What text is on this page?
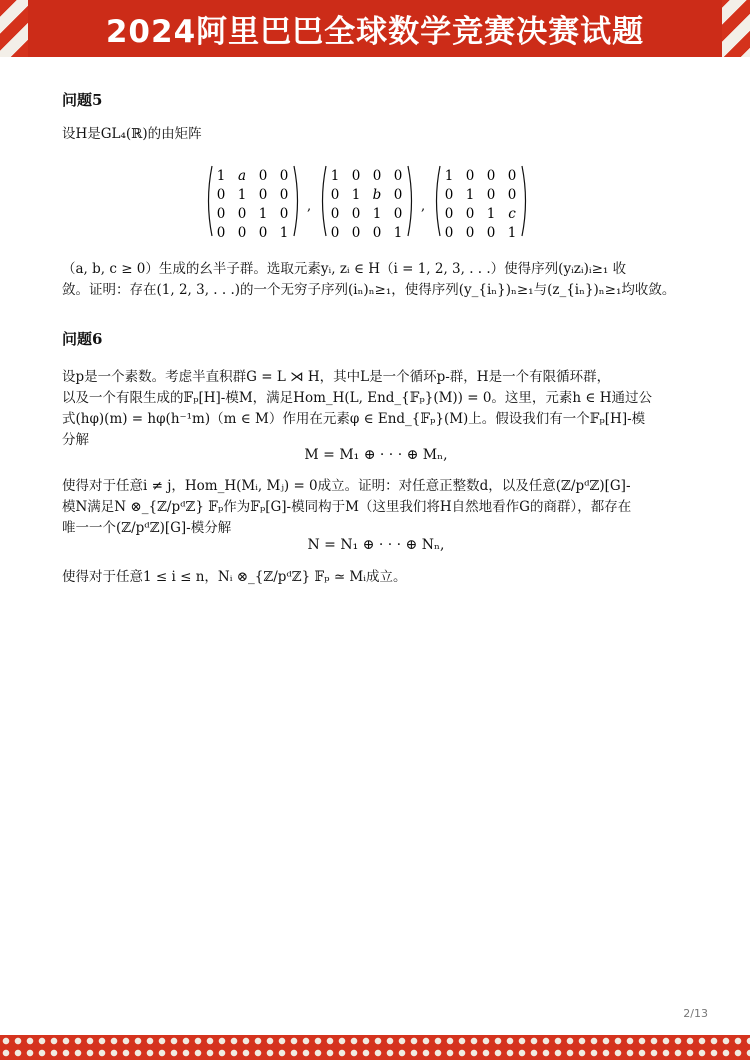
2024阿里巴巴全球数学竞赛决赛试题
问题5
设H是GL₄(ℝ)的由矩阵
1 a 0 0
0 1 0 0
0 0 1 0
0 0 0 1
,
1 0 0 0
0 1 b 0
0 0 1 0
0 0 0 1
,
1 0 0 0
0 1 0 0
0 0 1 c
0 0 0 1
（a, b, c ≥ 0）生成的幺半子群。选取元素yᵢ, zᵢ ∈ H（i = 1, 2, 3, . . .）使得序列(yᵢzᵢ)ᵢ≥₁ 收
敛。证明：存在(1, 2, 3, . . .)的一个无穷子序列(iₙ)ₙ≥₁，使得序列(y_{iₙ})ₙ≥₁与(z_{iₙ})ₙ≥₁均收敛。
问题6
设p是一个素数。考虑半直积群G = L ⋊ H，其中L是一个循环p-群，H是一个有限循环群，
以及一个有限生成的𝔽ₚ[H]-模M，满足Hom_H(L, End_{𝔽ₚ}(M)) = 0。这里，元素h ∈ H通过公
式(hφ)(m) = hφ(h⁻¹m)（m ∈ M）作用在元素φ ∈ End_{𝔽ₚ}(M)上。假设我们有一个𝔽ₚ[H]-模
分解
M = M₁ ⊕ · · · ⊕ Mₙ,
使得对于任意i ≠ j，Hom_H(Mᵢ, Mⱼ) = 0成立。证明：对任意正整数d，以及任意(ℤ/pᵈℤ)[G]-
模N满足N ⊗_{ℤ/pᵈℤ} 𝔽ₚ作为𝔽ₚ[G]-模同构于M（这里我们将H自然地看作G的商群），都存在
唯一一个(ℤ/pᵈℤ)[G]-模分解
N = N₁ ⊕ · · · ⊕ Nₙ,
使得对于任意1 ≤ i ≤ n，Nᵢ ⊗_{ℤ/pᵈℤ} 𝔽ₚ ≃ Mᵢ成立。
2/13
